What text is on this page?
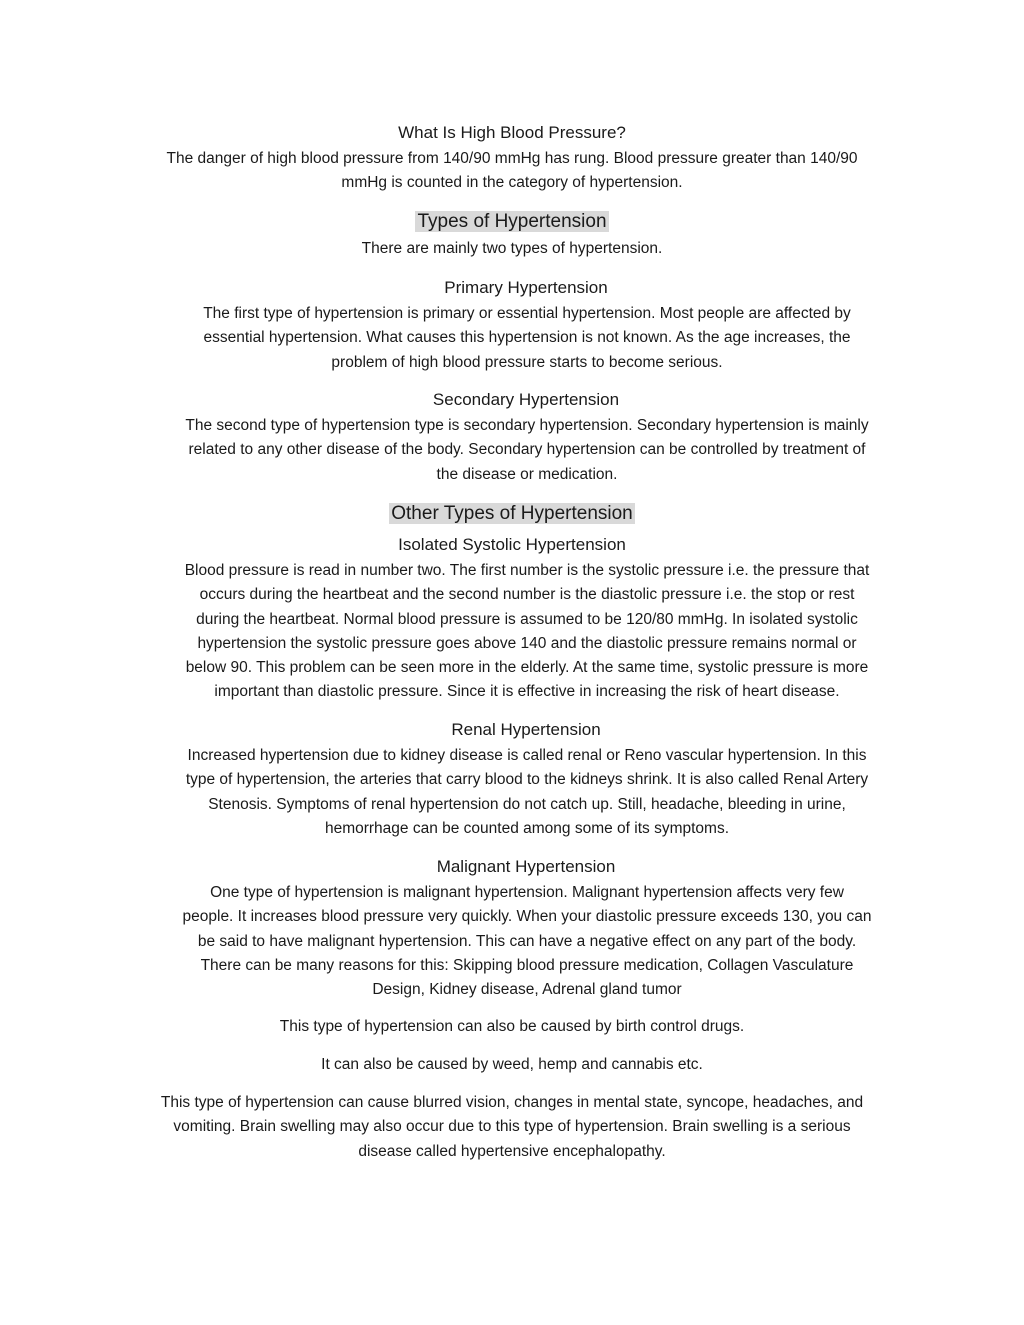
What Is High Blood Pressure?

The danger of high blood pressure from 140/90 mmHg has rung. Blood pressure greater than 140/90
mmHg is counted in the category of hypertension.

Types of Hypertension

There are mainly two types of hypertension.

Primary Hypertension

The first type of hypertension is primary or essential hypertension. Most people are affected by
essential hypertension. What causes this hypertension is not known. As the age increases, the
problem of high blood pressure starts to become serious.

Secondary Hypertension

The second type of hypertension type is secondary hypertension. Secondary hypertension is mainly
related to any other disease of the body. Secondary hypertension can be controlled by treatment of
the disease or medication.

Other Types of Hypertension
Isolated Systolic Hypertension

Blood pressure is read in number two. The first number is the systolic pressure i.e. the pressure that
occurs during the heartbeat and the second number is the diastolic pressure i.e. the stop or rest
during the heartbeat. Normal blood pressure is assumed to be 120/80 mmHg. In isolated systolic
hypertension the systolic pressure goes above 140 and the diastolic pressure remains normal or
below 90. This problem can be seen more in the elderly. At the same time, systolic pressure is more
important than diastolic pressure. Since it is effective in increasing the risk of heart disease.

Renal Hypertension

Increased hypertension due to kidney disease is called renal or Reno vascular hypertension. In this
type of hypertension, the arteries that carry blood to the kidneys shrink. It is also called Renal Artery
Stenosis. Symptoms of renal hypertension do not catch up. Still, headache, bleeding in urine,
hemorrhage can be counted among some of its symptoms.

Malignant Hypertension

One type of hypertension is malignant hypertension. Malignant hypertension affects very few
people. It increases blood pressure very quickly. When your diastolic pressure exceeds 130, you can
be said to have malignant hypertension. This can have a negative effect on any part of the body.
There can be many reasons for this: Skipping blood pressure medication, Collagen Vasculature
Design, Kidney disease, Adrenal gland tumor

This type of hypertension can also be caused by birth control drugs.

It can also be caused by weed, hemp and cannabis etc.

This type of hypertension can cause blurred vision, changes in mental state, syncope, headaches, and
vomiting. Brain swelling may also occur due to this type of hypertension. Brain swelling is a serious
disease called hypertensive encephalopathy.
